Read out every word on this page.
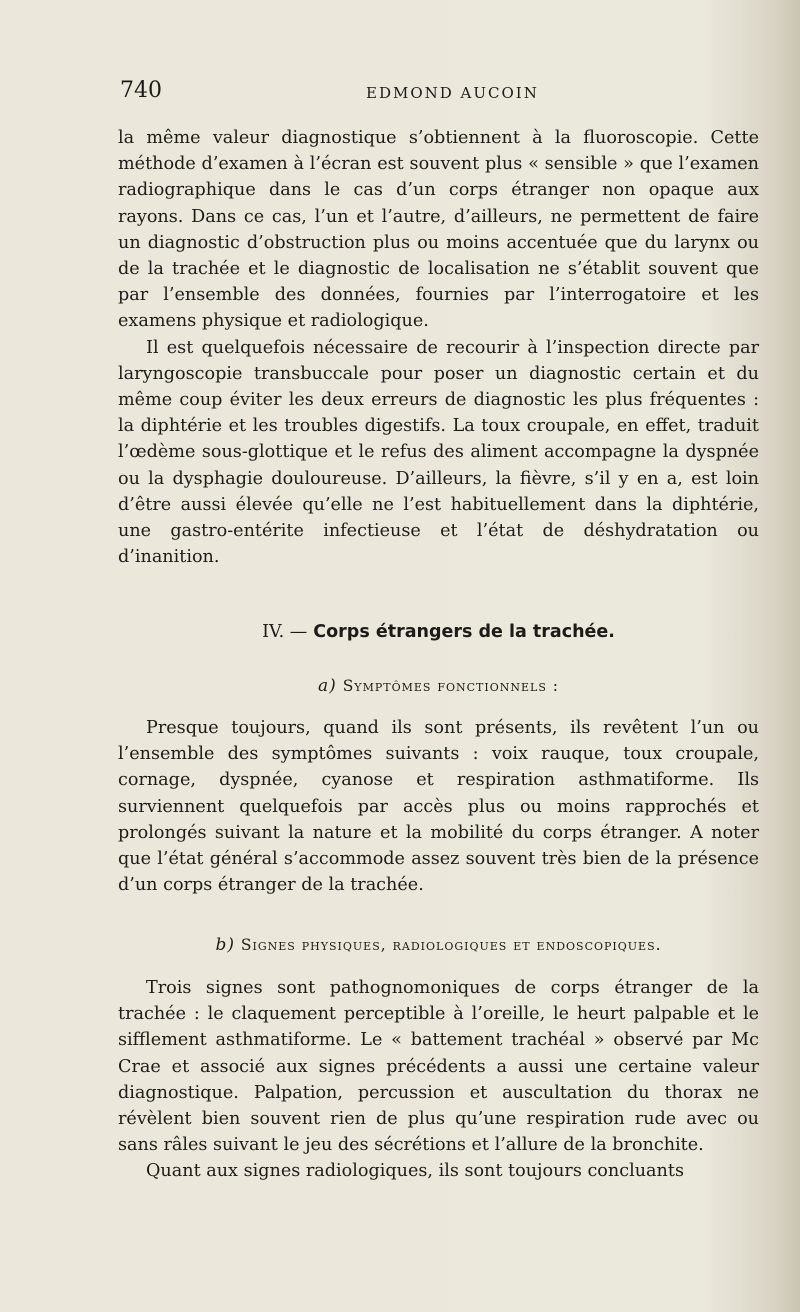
740	EDMOND AUCOIN

la même valeur diagnostique s’obtiennent à la fluoroscopie. Cette méthode d’examen à l’écran est souvent plus « sensible » que l’examen radiographique dans le cas d’un corps étranger non opaque aux rayons. Dans ce cas, l’un et l’autre, d’ailleurs, ne permettent de faire un diagnostic d’obstruction plus ou moins accentuée que du larynx ou de la trachée et le diagnostic de localisation ne s’établit souvent que par l’ensemble des données, fournies par l’interrogatoire et les examens physique et radiologique.

Il est quelquefois nécessaire de recourir à l’inspection directe par laryngoscopie transbuccale pour poser un diagnostic certain et du même coup éviter les deux erreurs de diagnostic les plus fréquentes : la diphtérie et les troubles digestifs. La toux croupale, en effet, traduit l’œdème sous-glottique et le refus des aliment accompagne la dyspnée ou la dysphagie douloureuse. D’ailleurs, la fièvre, s’il y en a, est loin d’être aussi élevée qu’elle ne l’est habituellement dans la diphtérie, une gastro-entérite infectieuse et l’état de déshydratation ou d’inanition.

IV. — Corps étrangers de la trachée.
a) Symptômes fonctionnels :

Presque toujours, quand ils sont présents, ils revêtent l’un ou l’ensemble des symptômes suivants : voix rauque, toux croupale, cornage, dyspnée, cyanose et respiration asthmatiforme. Ils surviennent quelquefois par accès plus ou moins rapprochés et prolongés suivant la nature et la mobilité du corps étranger. A noter que l’état général s’accommode assez souvent très bien de la présence d’un corps étranger de la trachée.

b) Signes physiques, radiologiques et endoscopiques.

Trois signes sont pathognomoniques de corps étranger de la trachée : le claquement perceptible à l’oreille, le heurt palpable et le sifflement asthmatiforme. Le « battement trachéal » observé par Mc Crae et associé aux signes précédents a aussi une certaine valeur diagnostique. Palpation, percussion et auscultation du thorax ne révèlent bien souvent rien de plus qu’une respiration rude avec ou sans râles suivant le jeu des sécrétions et l’allure de la bronchite.

Quant aux signes radiologiques, ils sont toujours concluants
